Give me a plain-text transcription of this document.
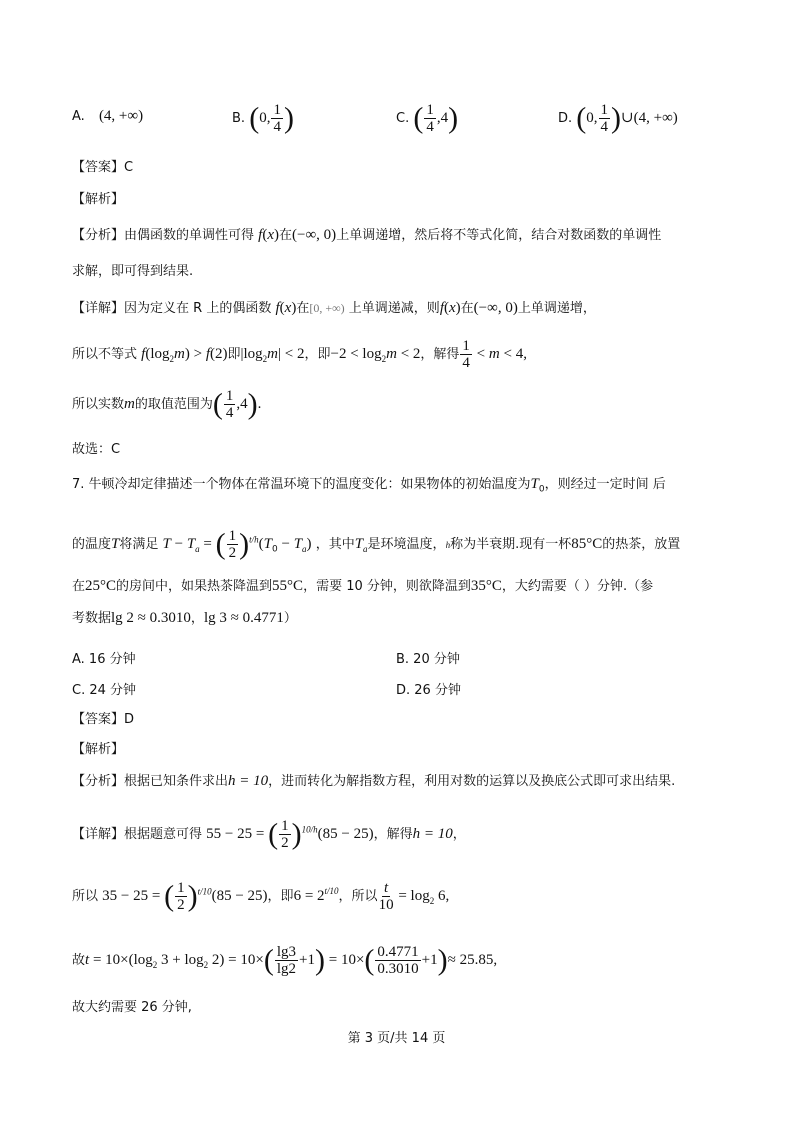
A. (4, +∞)	B. (0, $\frac{1}{4}$ )	C. ( $\frac{1}{4} ,4$)	D. (0, $\frac{1}{4}$ )∪(4, +∞)
【答案】C
【解析】
【分析】由偶函数的单调性可得 f(x)在(−∞, 0)上单调递增，然后将不等式化简，结合对数函数的单调性
求解，即可得到结果.
【详解】因为定义在 R 上的偶函数 f(x)在[0, +∞) 上单调递减，则f(x)在(−∞, 0)上单调递增，
所以不等式 $f(\log_2m) > f(2)$即$|\log_2m| < 2$，即$-2 < \log_2m < 2$，解得 $\frac{1}{4} < m < 4$,
所以实数m的取值范围为( $\frac{1}{4} ,4$).
故选：C
7. 牛顿冷却定律描述一个物体在常温环境下的温度变化：如果物体的初始温度为$T_0$，则经过一定时间 后
的温度T将满足 $T - T_a$ = ( $\frac{1}{2} )^{t/h}(T_0 - T_a)$ ，其中$T_a$是环境温度，h称为半衰期.现有一杯85°C的热茶，放置
在25°C的房间中，如果热茶降温到55°C，需要 10 分钟，则欲降温到35°C，大约需要（ ）分钟.（参
考数据lg 2 ≈ 0.3010，lg 3 ≈ 0.4771）
A. 16 分钟	B. 20 分钟
C. 24 分钟	D. 26 分钟
【答案】D
【解析】
【分析】根据已知条件求出h = 10，进而转化为解指数方程，利用对数的运算以及换底公式即可求出结果.
【详解】根据题意可得 55 − 25 = ( $\frac{1}{2} )^{10/h}(85 - 25)$，解得h = 10，
所以 35 − 25 = ( $\frac{1}{2} )^{t/10}(85 - 25)$，即$6 = 2^{t/10}$，所以 $\frac{t}{10} = \log_2 6$,
故$t = 10\times(\log_2$ $3 + \log_2 2) = 10\times( \frac{\lg 3}{\lg 2} +1) = 10\times( \frac{0.4771}{0.3010} +1)\approx 25.85$,
故大约需要 26 分钟,
第 3 页/共 14 页
